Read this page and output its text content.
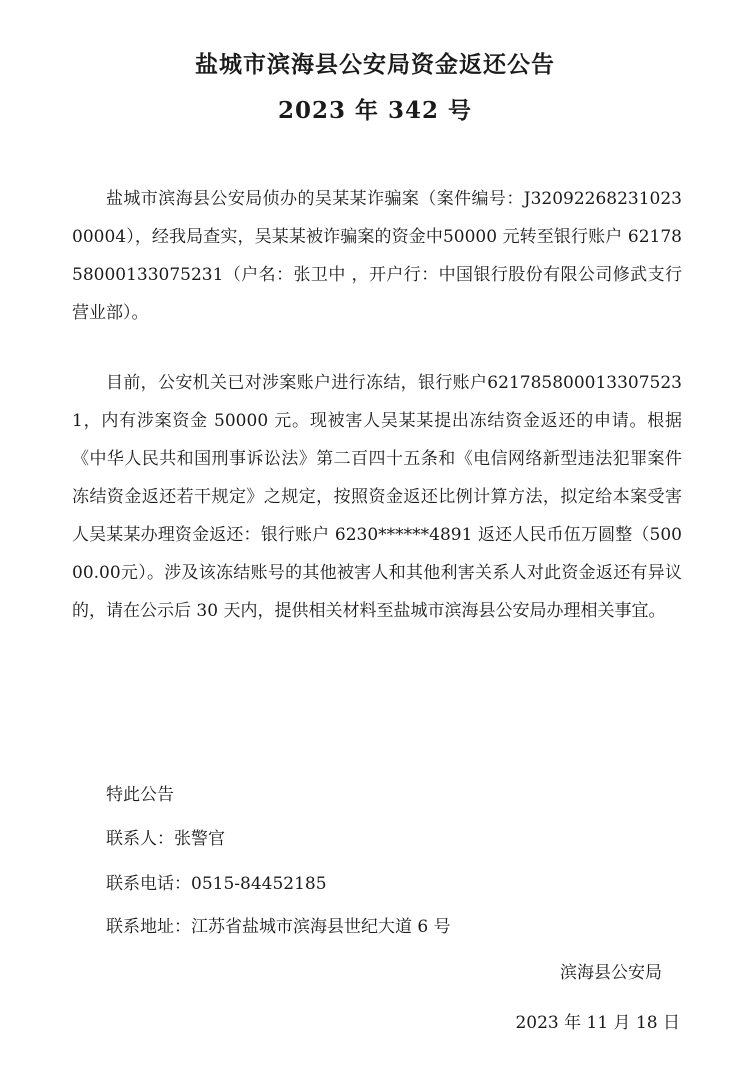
盐城市滨海县公安局资金返还公告
2023 年 342 号

盐城市滨海县公安局侦办的吴某某诈骗案（案件编号：J3209226823102300004），经我局查实，吴某某被诈骗案的资金中50000 元转至银行账户 6217858000133075231（户名：张卫中 ，开户行：中国银行股份有限公司修武支行营业部）。

目前，公安机关已对涉案账户进行冻结，银行账户6217858000133075231，内有涉案资金 50000 元。现被害人吴某某提出冻结资金返还的申请。根据《中华人民共和国刑事诉讼法》第二百四十五条和《电信网络新型违法犯罪案件冻结资金返还若干规定》之规定，按照资金返还比例计算方法，拟定给本案受害人吴某某办理资金返还：银行账户 6230******4891 返还人民币伍万圆整（50000.00元）。涉及该冻结账号的其他被害人和其他利害关系人对此资金返还有异议的，请在公示后 30 天内，提供相关材料至盐城市滨海县公安局办理相关事宜。

特此公告

联系人：张警官

联系电话：0515-84452185

联系地址：江苏省盐城市滨海县世纪大道 6 号

滨海县公安局

2023 年 11 月 18 日
